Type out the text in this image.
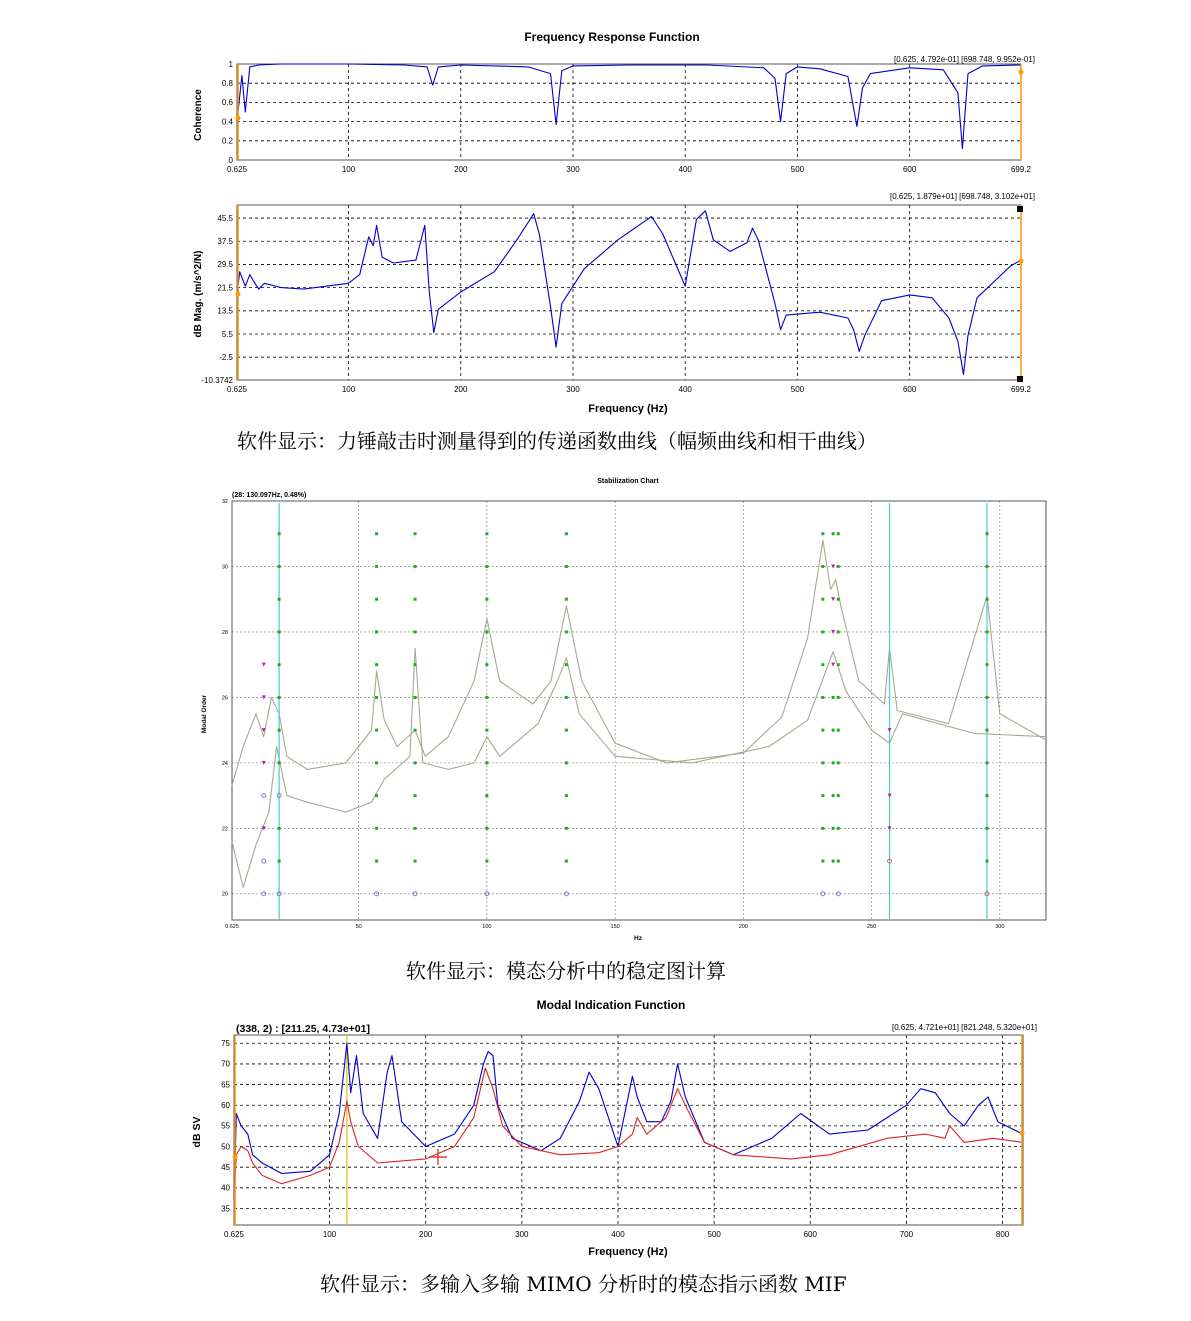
Frequency Response Function
[0.625, 4.792e-01] [698.748, 9.952e-01]
Coherence
0.625	100	200	300	400	500	600	699.2
0
0.2
0.4
0.6
0.8
1
[0.625, 1.879e+01] [698.748, 3.102e+01]
dB Mag. (m/s^2/N)
0.625	100	200	300	400	500	600	699.2
-10.3742
-2.5
5.5
13.5
21.5
29.5
37.5
45.5
Frequency (Hz)
软件显示：力锤敲击时测量得到的传递函数曲线（幅频曲线和相干曲线）
Stabilization Chart
(28: 130.097Hz, 0.48%)
Modal Order
0.625	50	100	150	200	250	300
20
22
24
26
28
30
32
Hz
软件显示：模态分析中的稳定图计算
Modal Indication Function
(338, 2) : [211.25, 4.73e+01]	[0.625, 4.721e+01] [821.248, 5.320e+01]
dB SV
0.625	100	200	300	400	500	600	700	800
35
40
45
50
55
60
65
70
75
Frequency (Hz)
软件显示：多输入多输 MIMO 分析时的模态指示函数 MIF
